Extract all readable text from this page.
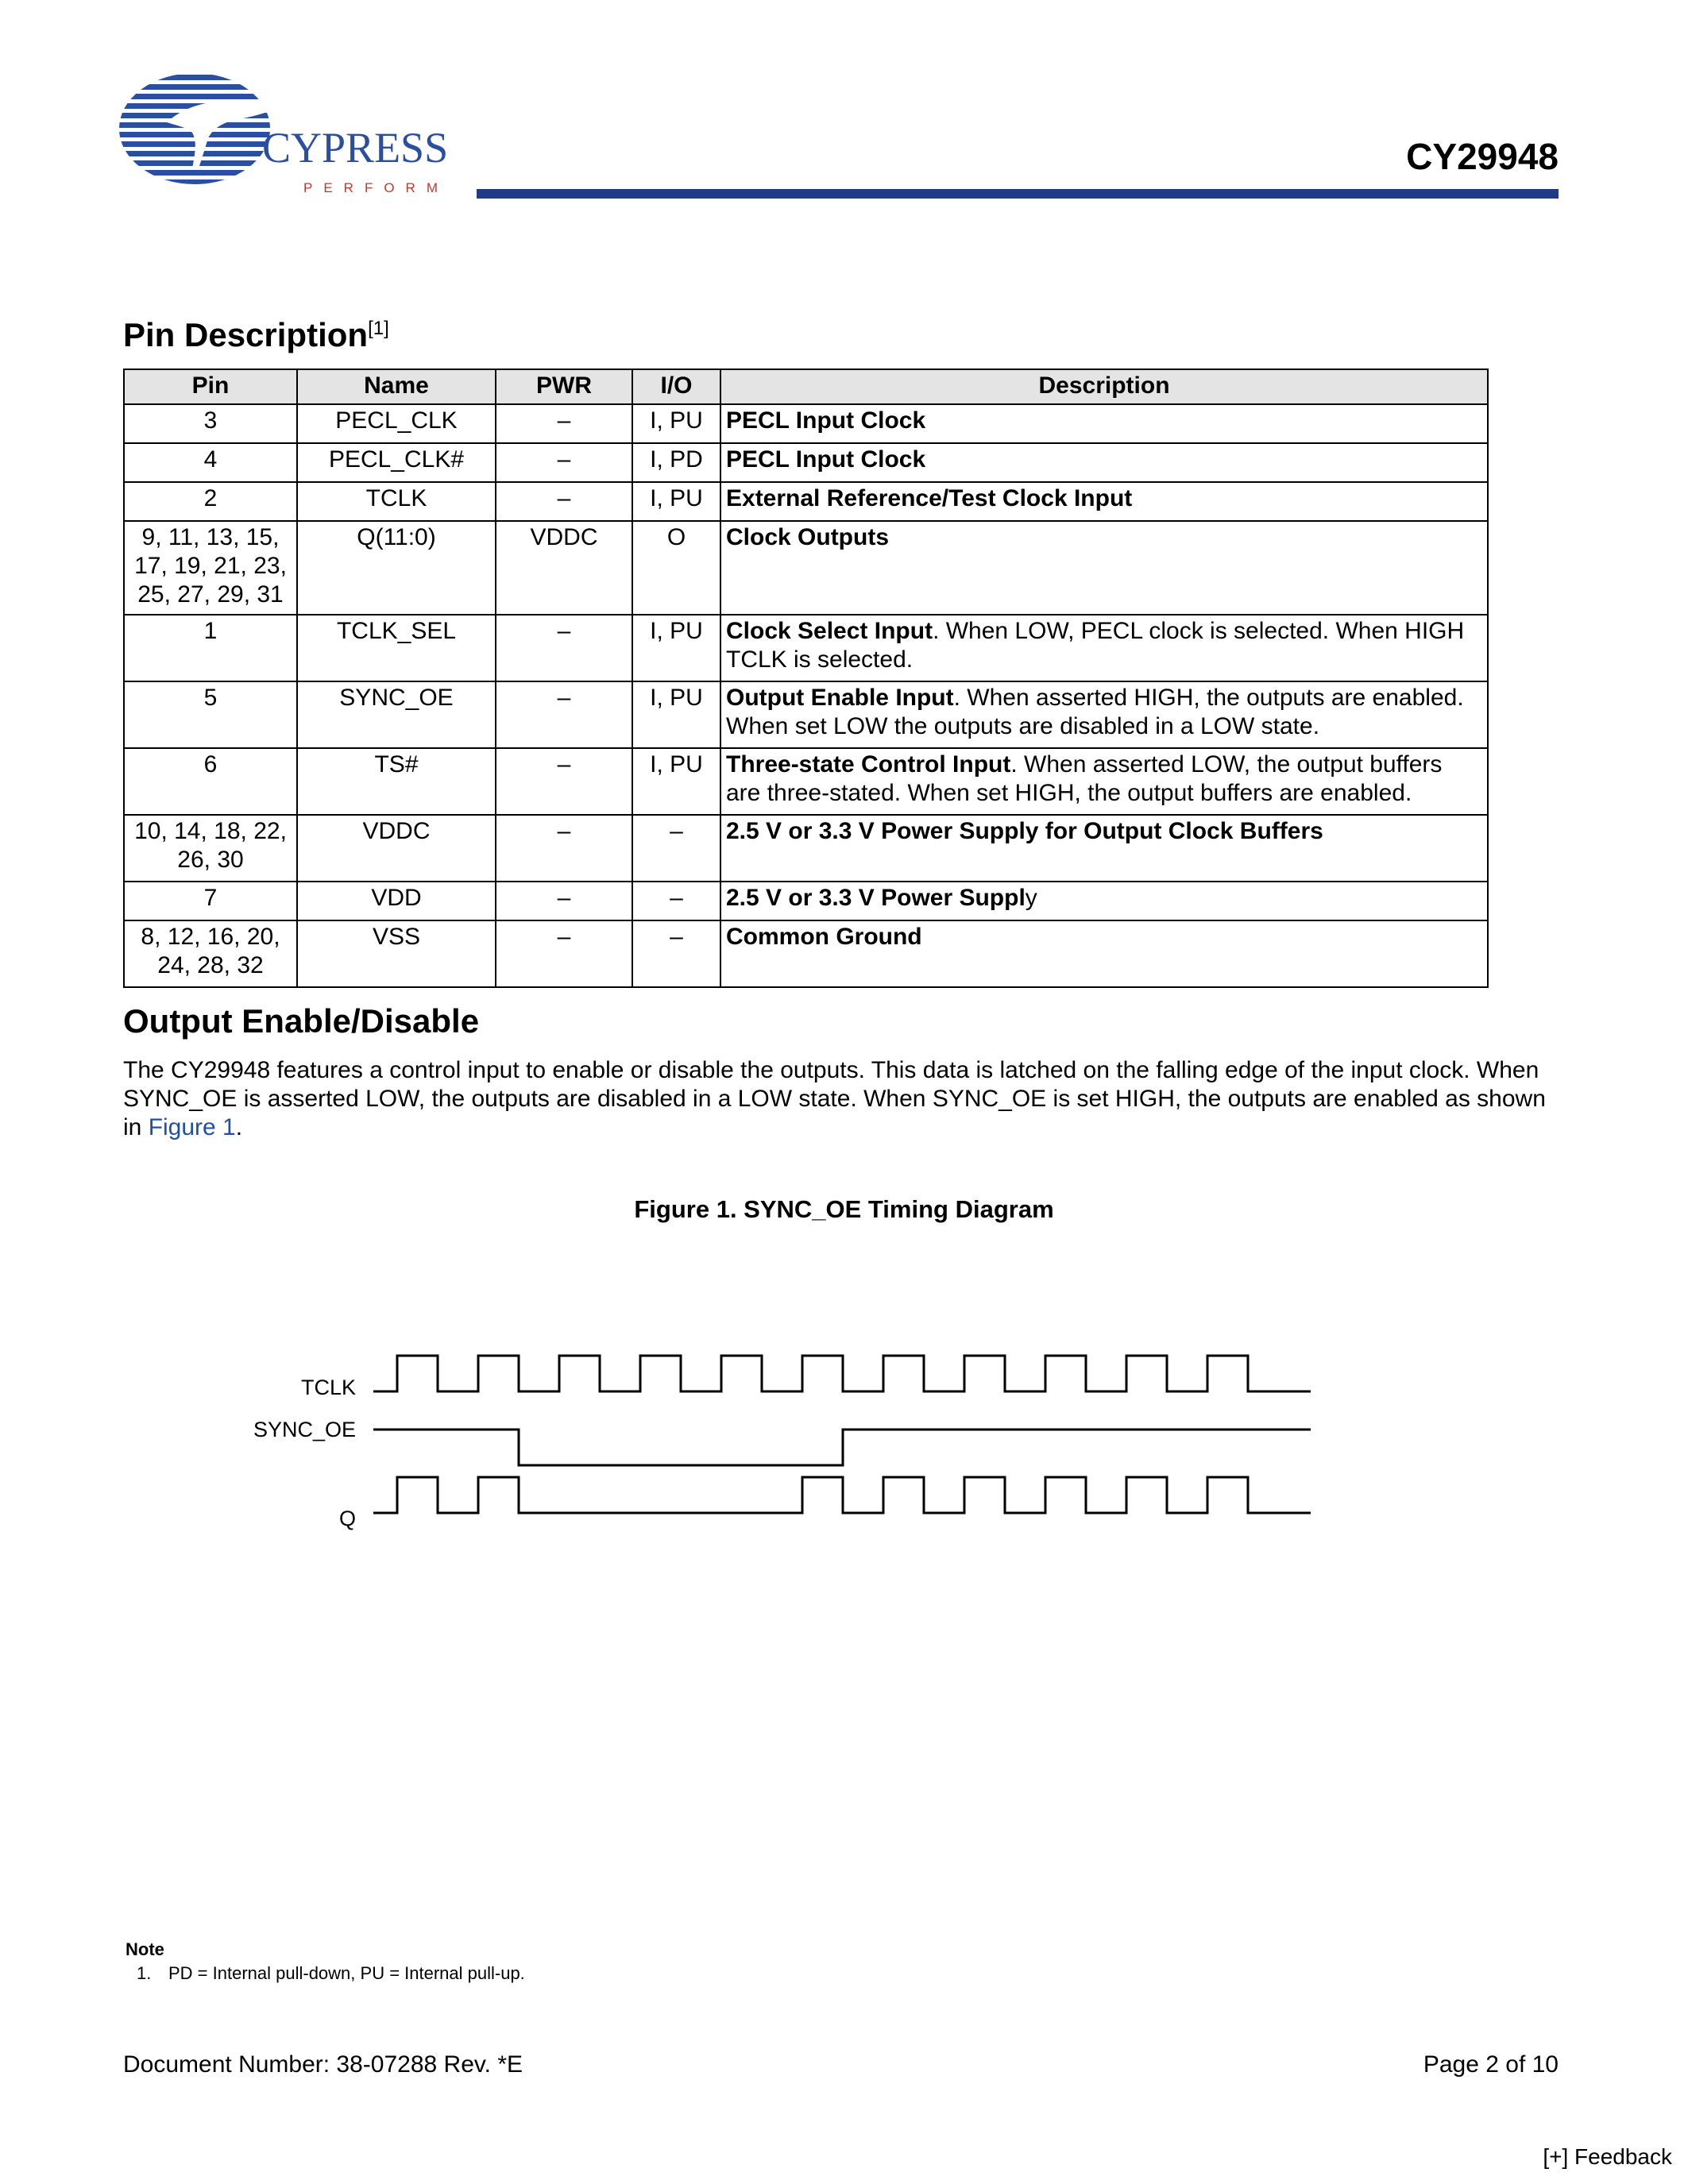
CYPRESS
PERFORM
CY29948
Pin Description[1]
Pin	Name	PWR	I/O	Description
3	PECL_CLK	–	I, PU	PECL Input Clock
4	PECL_CLK#	–	I, PD	PECL Input Clock
2	TCLK	–	I, PU	External Reference/Test Clock Input
9, 11, 13, 15, 17, 19, 21, 23, 25, 27, 29, 31	Q(11:0)	VDDC	O	Clock Outputs
1	TCLK_SEL	–	I, PU	Clock Select Input. When LOW, PECL clock is selected. When HIGH TCLK is selected.
5	SYNC_OE	–	I, PU	Output Enable Input. When asserted HIGH, the outputs are enabled. When set LOW the outputs are disabled in a LOW state.
6	TS#	–	I, PU	Three-state Control Input. When asserted LOW, the output buffers are three-stated. When set HIGH, the output buffers are enabled.
10, 14, 18, 22, 26, 30	VDDC	–	–	2.5 V or 3.3 V Power Supply for Output Clock Buffers
7	VDD	–	–	2.5 V or 3.3 V Power Supply
8, 12, 16, 20, 24, 28, 32	VSS	–	–	Common Ground
Output Enable/Disable
The CY29948 features a control input to enable or disable the outputs. This data is latched on the falling edge of the input clock. When SYNC_OE is asserted LOW, the outputs are disabled in a LOW state. When SYNC_OE is set HIGH, the outputs are enabled as shown in Figure 1.
Figure 1. SYNC_OE Timing Diagram
TCLK
SYNC_OE
Q
Note
1. PD = Internal pull-down, PU = Internal pull-up.
Document Number: 38-07288 Rev. *E	Page 2 of 10
[+] Feedback
